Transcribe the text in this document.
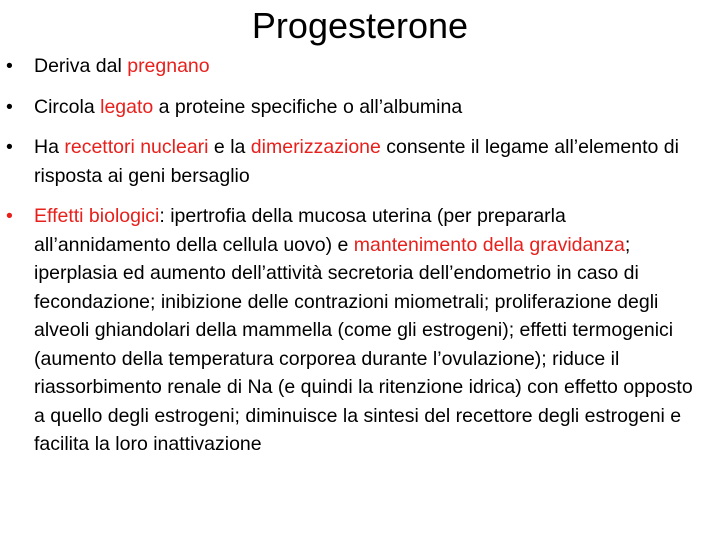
Progesterone
• Deriva dal pregnano
• Circola legato a proteine specifiche o all’albumina
• Ha recettori nucleari e la dimerizzazione consente il legame all’elemento di risposta ai geni bersaglio
• Effetti biologici: ipertrofia della mucosa uterina (per prepararla all’annidamento della cellula uovo) e mantenimento della gravidanza; iperplasia ed aumento dell’attività secretoria dell’endometrio in caso di fecondazione; inibizione delle contrazioni miometrali; proliferazione degli alveoli ghiandolari della mammella (come gli estrogeni); effetti termogenici (aumento della temperatura corporea durante l’ovulazione); riduce il riassorbimento renale di Na (e quindi la ritenzione idrica) con effetto opposto a quello degli estrogeni; diminuisce la sintesi del recettore degli estrogeni e facilita la loro inattivazione
